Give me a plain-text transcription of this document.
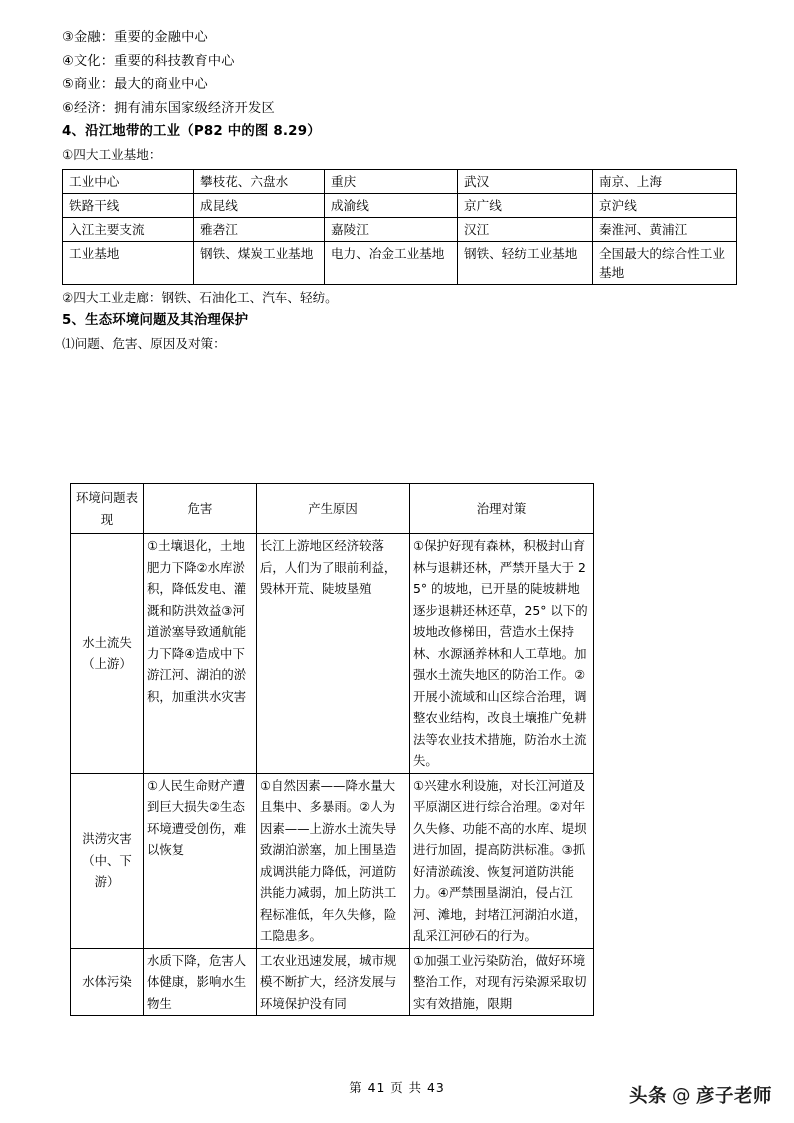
③金融：重要的金融中心
④文化：重要的科技教育中心
⑤商业：最大的商业中心
⑥经济：拥有浦东国家级经济开发区
4、沿江地带的工业（P82 中的图 8.29）
①四大工业基地：
工业中心	攀枝花、六盘水	重庆	武汉	南京、上海
铁路干线	成昆线	成渝线	京广线	京沪线
入江主要支流	雅砻江	嘉陵江	汉江	秦淮河、黄浦江
工业基地	钢铁、煤炭工业基地	电力、冶金工业基地	钢铁、轻纺工业基地	全国最大的综合性工业基地
②四大工业走廊：钢铁、石油化工、汽车、轻纺。
5、生态环境问题及其治理保护
⑴问题、危害、原因及对策：
环境问题表现	危害	产生原因	治理对策
水土流失（上游）	①土壤退化，土地肥力下降②水库淤积，降低发电、灌溉和防洪效益③河道淤塞导致通航能力下降④造成中下游江河、湖泊的淤积，加重洪水灾害	长江上游地区经济较落后，人们为了眼前利益，毁林开荒、陡坡垦殖	①保护好现有森林，积极封山育林与退耕还林，严禁开垦大于 25° 的坡地，已开垦的陡坡耕地逐步退耕还林还草，25° 以下的坡地改修梯田，营造水土保持林、水源涵养林和人工草地。加强水土流失地区的防治工作。②开展小流域和山区综合治理，调整农业结构，改良土壤推广免耕法等农业技术措施，防治水土流失。
洪涝灾害（中、下游）	①人民生命财产遭到巨大损失②生态环境遭受创伤，难以恢复	①自然因素——降水量大且集中、多暴雨。②人为因素——上游水土流失导致湖泊淤塞，加上围垦造成调洪能力降低，河道防洪能力减弱，加上防洪工程标准低，年久失修，险工隐患多。	①兴建水利设施，对长江河道及平原湖区进行综合治理。②对年久失修、功能不高的水库、堤坝进行加固，提高防洪标准。③抓好清淤疏浚、恢复河道防洪能力。④严禁围垦湖泊，侵占江河、滩地，封堵江河湖泊水道，乱采江河砂石的行为。
水体污染	水质下降，危害人体健康，影响水生物生	工农业迅速发展，城市规模不断扩大，经济发展与环境保护没有同	①加强工业污染防治，做好环境整治工作，对现有污染源采取切实有效措施，限期
第 41 页 共 43	头条 @ 彦子老师
